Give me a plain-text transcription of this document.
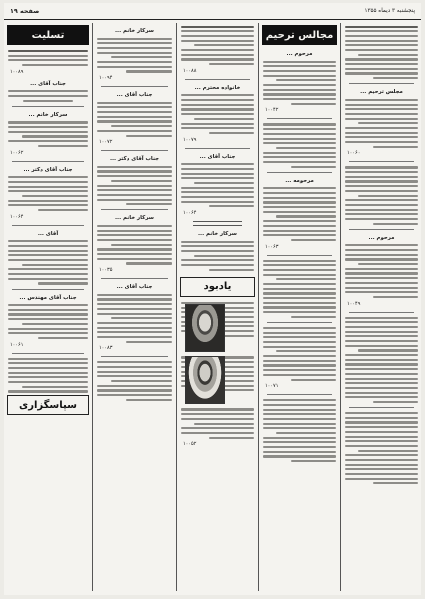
صفحه ۱۹	پنجشنبه ۳ دیماه ۱۳۵۵
تسلیت
۱۰۰۸۹
جناب آقای ...
سرکار خانم ...
۱۰۰۶۲
جناب آقای دکتر ...
۱۰۰۶۴
آقای ...
جناب آقای مهندس ...
۱۰۰۶۱
سرکار خانم ...
۱۰۰۹۴
جناب آقای ...
۱۰۰۷۲
جناب آقای دکتر ...
سرکار خانم ...
۱۰۰۳۵
جناب آقای ...
۱۰۰۸۳
۱۰۰۸۸
خانواده محترم ...
۱۰۰۷۹
جناب آقای ...
۱۰۰۶۴
سرکار خانم ...
یادبود
۱۰۰۵۲
مجالس ترحیم
مرحوم ...
۱۰۰۴۲
مرحومه ...
۱۰۰۶۳
۱۰۰۷۱
مجلس ترحیم ...
۱۰۰۶۰
مرحوم ...
۱۰۰۴۹
سپاسگزاری
